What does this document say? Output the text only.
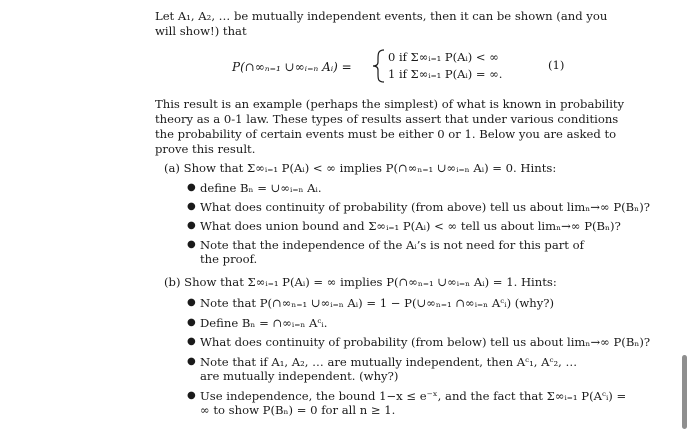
Let A₁, A₂, … be mutually independent events, then it can be shown (and you
will show!) that
P(∩∞ₙ₌₁ ∪∞ᵢ₌ₙ Aᵢ) =
0 if Σ∞ᵢ₌₁ P(Aᵢ) < ∞
1 if Σ∞ᵢ₌₁ P(Aᵢ) = ∞.
(1)
This result is an example (perhaps the simplest) of what is known in probability
theory as a 0-1 law. These types of results assert that under various conditions
the probability of certain events must be either 0 or 1. Below you are asked to
prove this result.
(a) Show that Σ∞ᵢ₌₁ P(Aᵢ) < ∞ implies P(∩∞ₙ₌₁ ∪∞ᵢ₌ₙ Aᵢ) = 0. Hints:
● define Bₙ = ∪∞ᵢ₌ₙ Aᵢ.
● What does continuity of probability (from above) tell us about limₙ→∞ P(Bₙ)?
● What does union bound and Σ∞ᵢ₌₁ P(Aᵢ) < ∞ tell us about limₙ→∞ P(Bₙ)?
● Note that the independence of the Aᵢ’s is not need for this part of
the proof.
(b) Show that Σ∞ᵢ₌₁ P(Aᵢ) = ∞ implies P(∩∞ₙ₌₁ ∪∞ᵢ₌ₙ Aᵢ) = 1. Hints:
● Note that P(∩∞ₙ₌₁ ∪∞ᵢ₌ₙ Aᵢ) = 1 − P(∪∞ₙ₌₁ ∩∞ᵢ₌ₙ Aᶜᵢ) (why?)
● Define Bₙ = ∩∞ᵢ₌ₙ Aᶜᵢ.
● What does continuity of probability (from below) tell us about limₙ→∞ P(Bₙ)?
● Note that if A₁, A₂, … are mutually independent, then Aᶜ₁, Aᶜ₂, …
are mutually independent. (why?)
● Use independence, the bound 1−x ≤ e⁻ˣ, and the fact that Σ∞ᵢ₌₁ P(Aᶜᵢ) =
∞ to show P(Bₙ) = 0 for all n ≥ 1.
